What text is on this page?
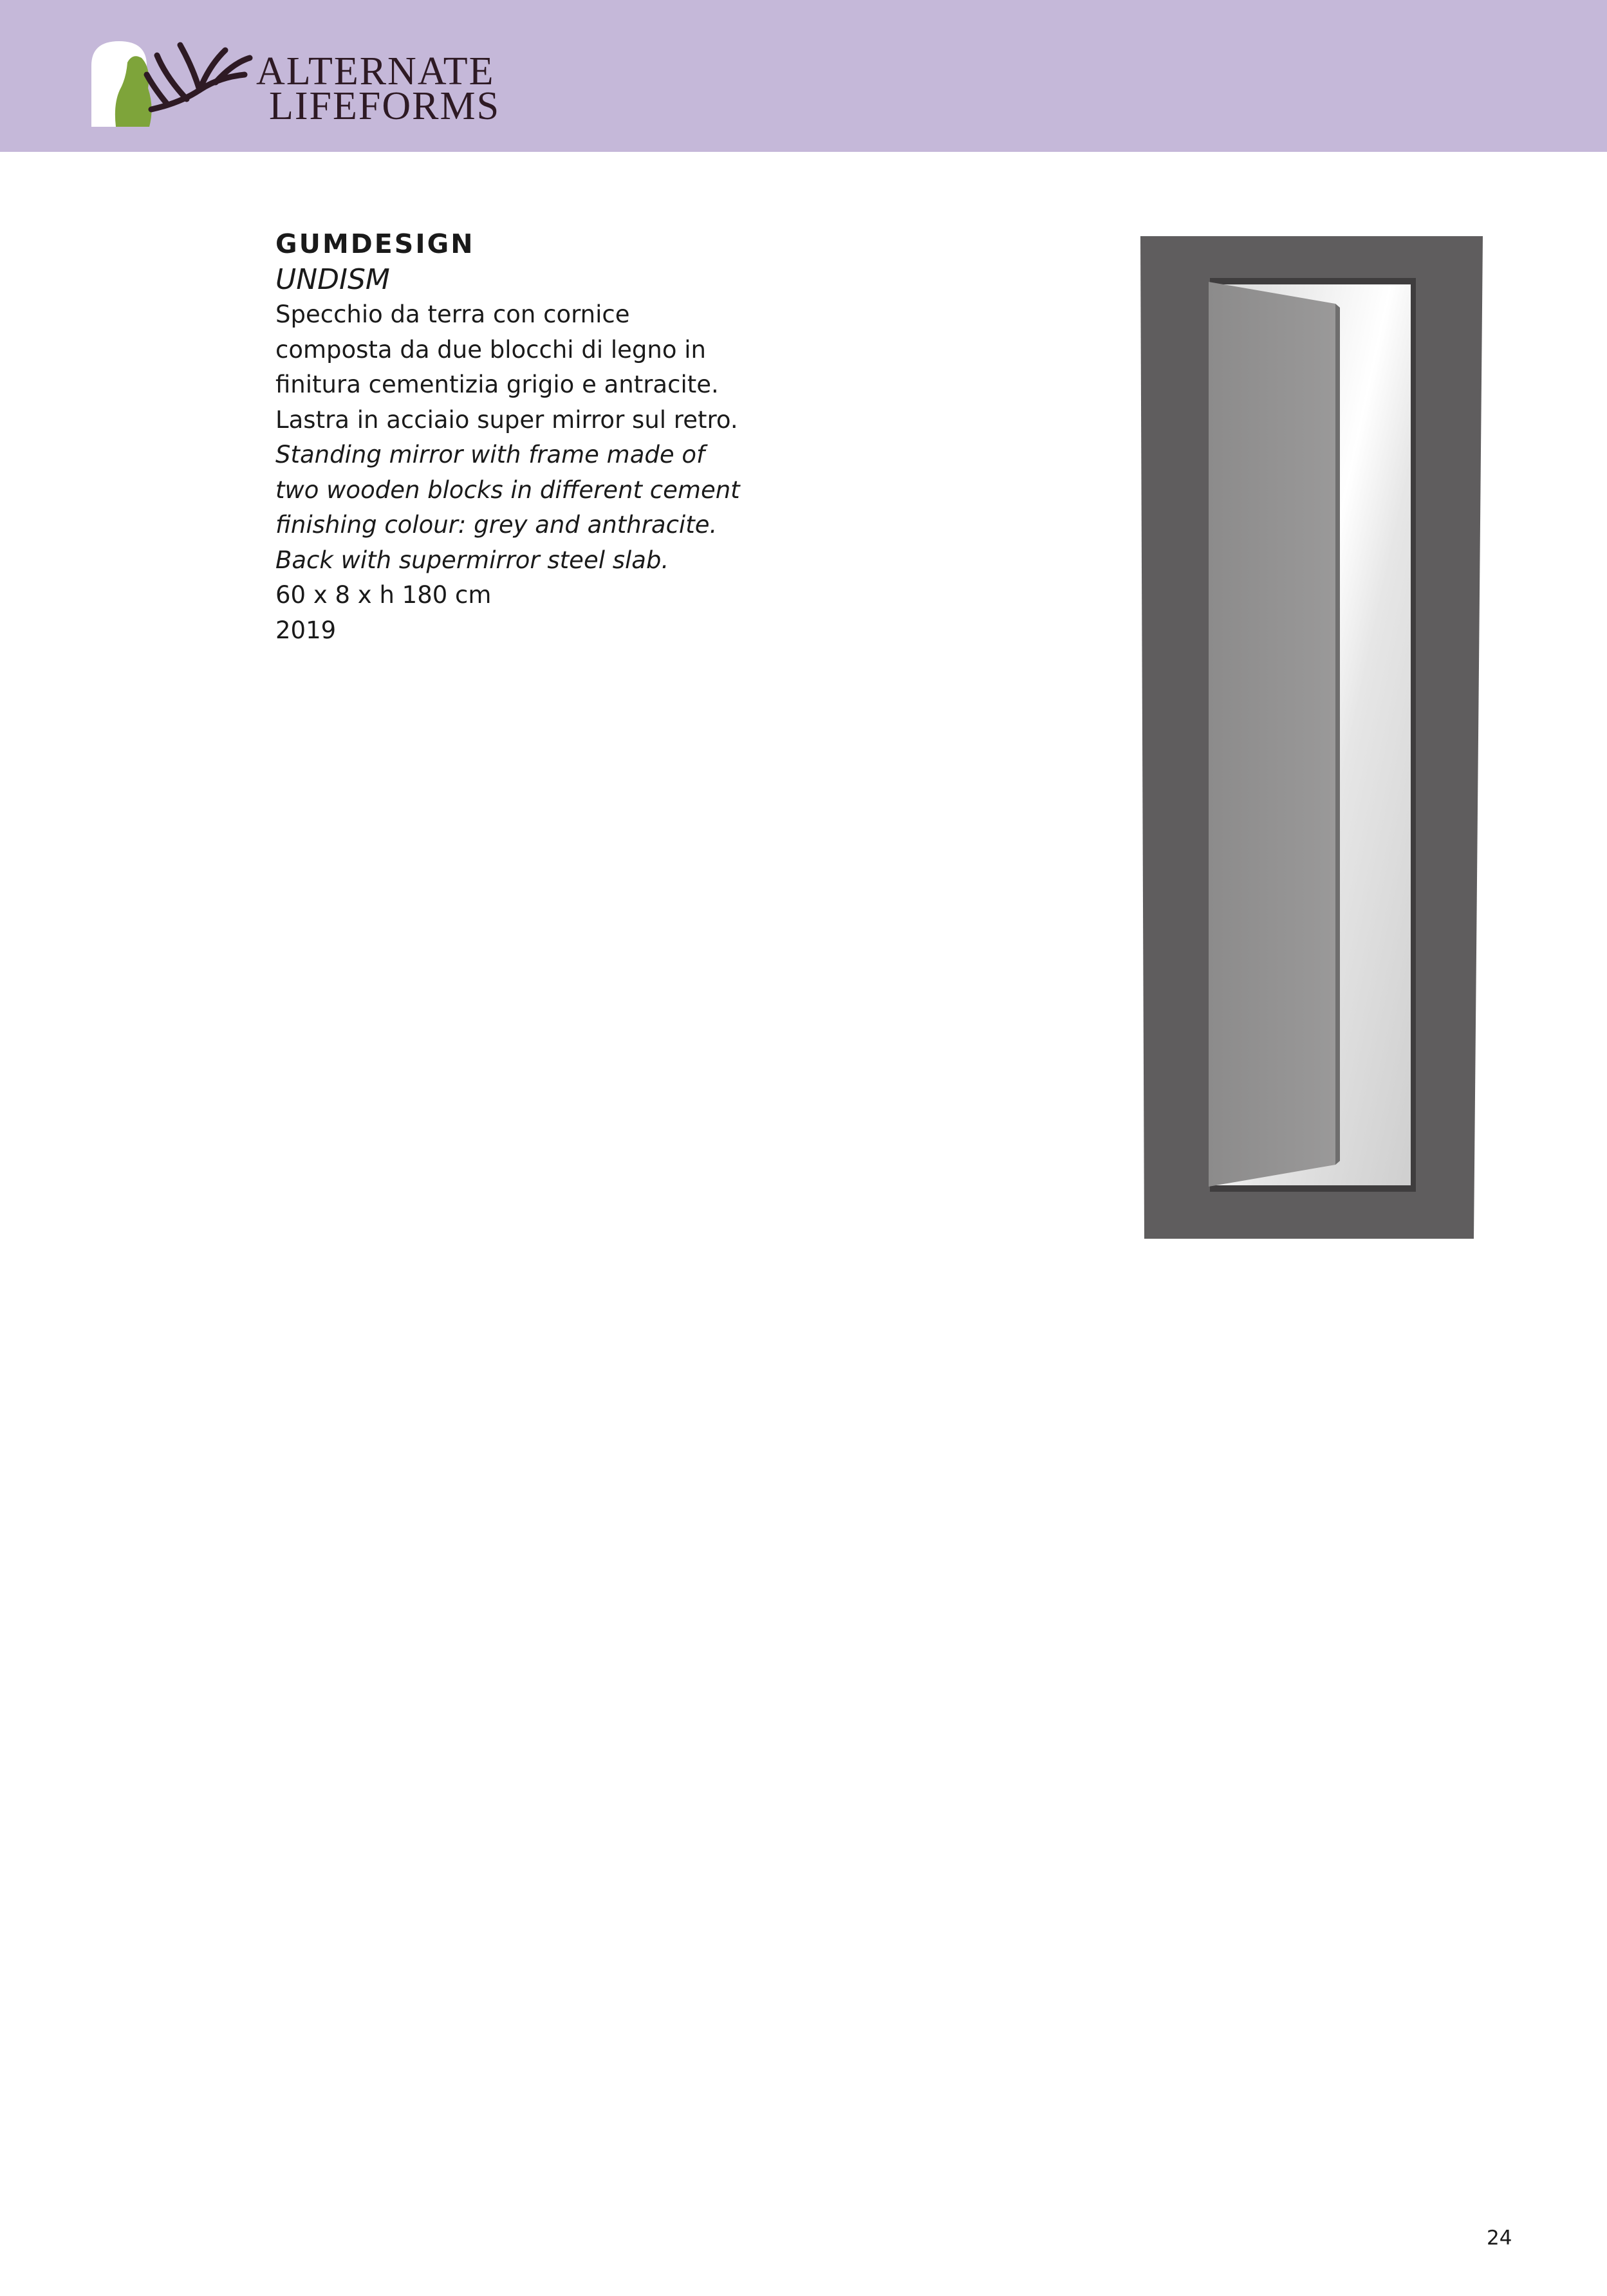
ALTERNATE
LIFEFORMS

GUMDESIGN

UNDISM

Specchio da terra con cornice

composta da due blocchi di legno in

finitura cementizia grigio e antracite.

Lastra in acciaio super mirror sul retro.

Standing mirror with frame made of

two wooden blocks in different cement

finishing colour: grey and anthracite.

Back with supermirror steel slab.

60 x 8 x h 180 cm

2019

24
